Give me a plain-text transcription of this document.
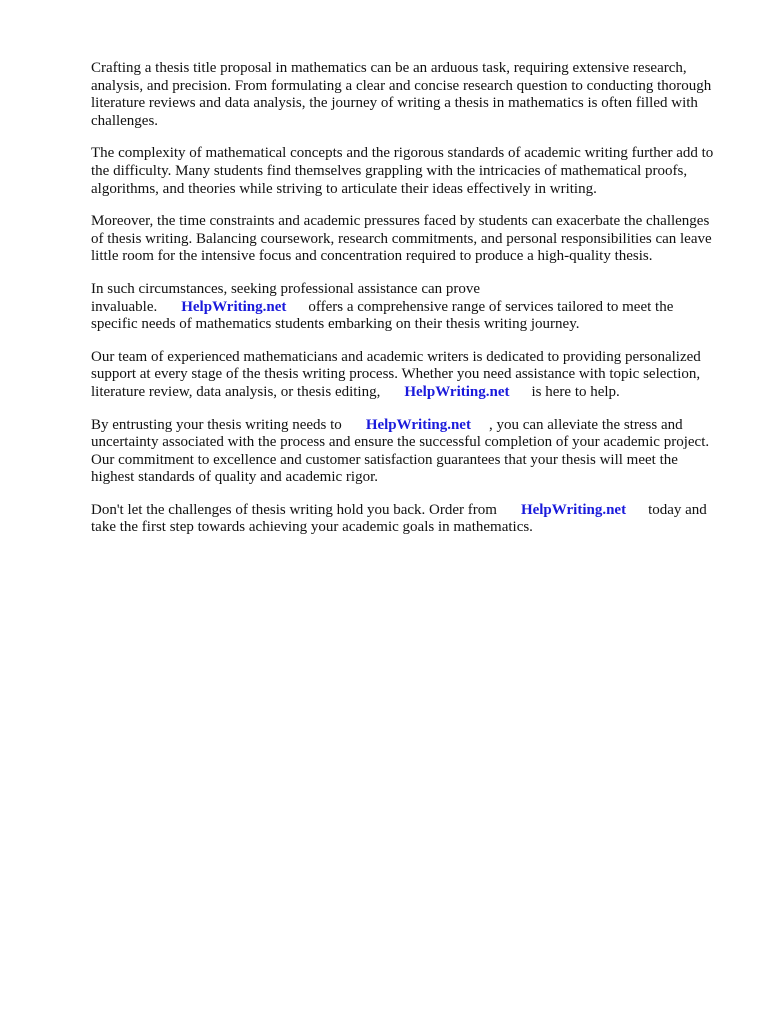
Crafting a thesis title proposal in mathematics can be an arduous task, requiring extensive research, analysis, and precision. From formulating a clear and concise research question to conducting thorough literature reviews and data analysis, the journey of writing a thesis in mathematics is often filled with challenges.

The complexity of mathematical concepts and the rigorous standards of academic writing further add to the difficulty. Many students find themselves grappling with the intricacies of mathematical proofs, algorithms, and theories while striving to articulate their ideas effectively in writing.

Moreover, the time constraints and academic pressures faced by students can exacerbate the challenges of thesis writing. Balancing coursework, research commitments, and personal responsibilities can leave little room for the intensive focus and concentration required to produce a high-quality thesis.

In such circumstances, seeking professional assistance can prove invaluable. HelpWriting.net offers a comprehensive range of services tailored to meet the specific needs of mathematics students embarking on their thesis writing journey.

Our team of experienced mathematicians and academic writers is dedicated to providing personalized support at every stage of the thesis writing process. Whether you need assistance with topic selection, literature review, data analysis, or thesis editing, HelpWriting.net is here to help.

By entrusting your thesis writing needs to HelpWriting.net , you can alleviate the stress and uncertainty associated with the process and ensure the successful completion of your academic project. Our commitment to excellence and customer satisfaction guarantees that your thesis will meet the highest standards of quality and academic rigor.

Don't let the challenges of thesis writing hold you back. Order from HelpWriting.net today and take the first step towards achieving your academic goals in mathematics.
